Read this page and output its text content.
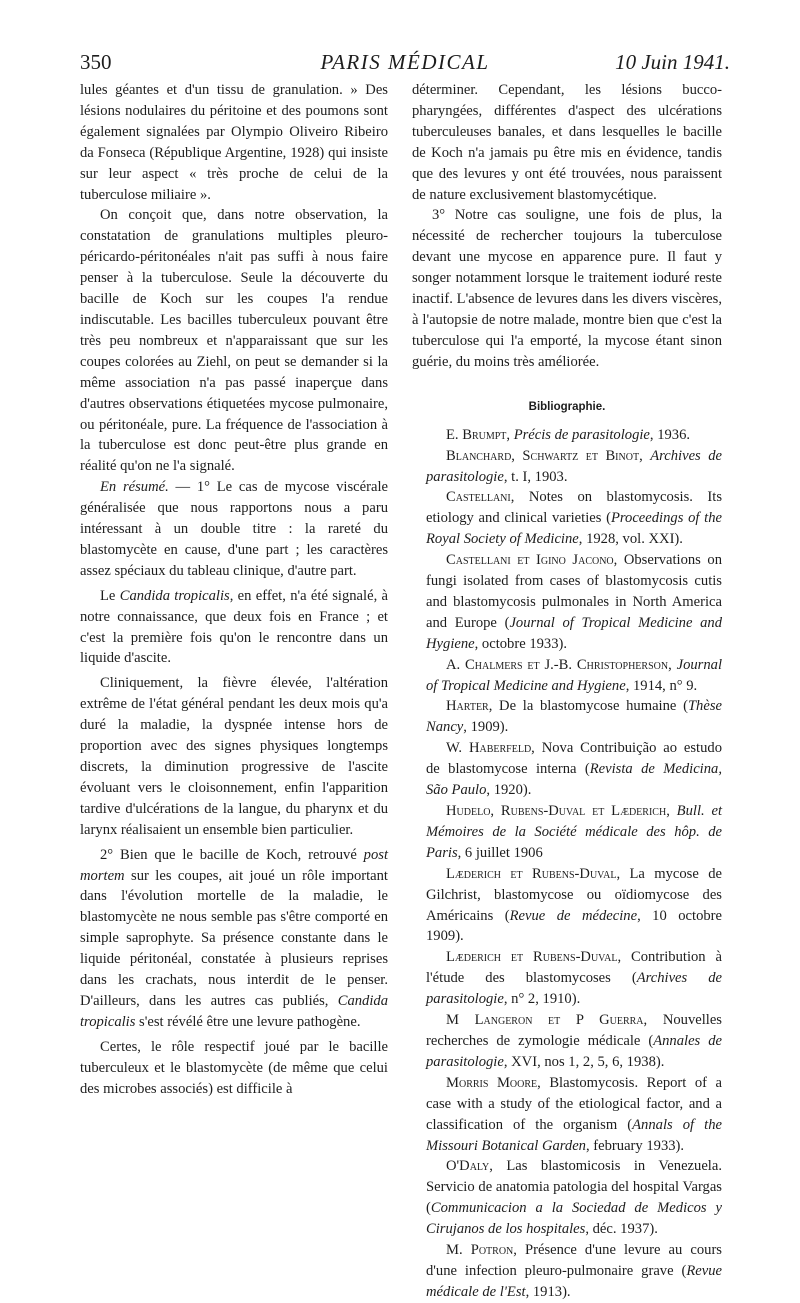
350	PARIS MÉDICAL	10 Juin 1941.

lules géantes et d'un tissu de granulation. » Des lésions nodulaires du péritoine et des poumons sont également signalées par Olympio Oliveiro Ribeiro da Fonseca (République Argentine, 1928) qui insiste sur leur aspect « très proche de celui de la tuberculose miliaire ».

On conçoit que, dans notre observation, la constatation de granulations multiples pleuro-péricardo-péritonéales n'ait pas suffi à nous faire penser à la tuberculose. Seule la découverte du bacille de Koch sur les coupes l'a rendue indiscutable. Les bacilles tuberculeux pouvant être très peu nombreux et n'apparaissant que sur les coupes colorées au Ziehl, on peut se demander si la même association n'a pas passé inaperçue dans d'autres observations étiquetées mycose pulmonaire, ou péritonéale, pure. La fréquence de l'association à la tuberculose est donc peut-être plus grande en réalité qu'on ne l'a signalé.

En résumé. — 1° Le cas de mycose viscérale généralisée que nous rapportons nous a paru intéressant à un double titre : la rareté du blastomycète en cause, d'une part ; les caractères assez spéciaux du tableau clinique, d'autre part.

Le Candida tropicalis, en effet, n'a été signalé, à notre connaissance, que deux fois en France ; et c'est la première fois qu'on le rencontre dans un liquide d'ascite.

Cliniquement, la fièvre élevée, l'altération extrême de l'état général pendant les deux mois qu'a duré la maladie, la dyspnée intense hors de proportion avec des signes physiques longtemps discrets, la diminution progressive de l'ascite évoluant vers le cloisonnement, enfin l'apparition tardive d'ulcérations de la langue, du pharynx et du larynx réalisaient un ensemble bien particulier.

2° Bien que le bacille de Koch, retrouvé post mortem sur les coupes, ait joué un rôle important dans l'évolution mortelle de la maladie, le blastomycète ne nous semble pas s'être comporté en simple saprophyte. Sa présence constante dans le liquide péritonéal, constatée à plusieurs reprises dans les crachats, nous interdit de le penser. D'ailleurs, dans les autres cas publiés, Candida tropicalis s'est révélé être une levure pathogène.

Certes, le rôle respectif joué par le bacille tuberculeux et le blastomycète (de même que celui des microbes associés) est difficile à

déterminer. Cependant, les lésions bucco-pharyngées, différentes d'aspect des ulcérations tuberculeuses banales, et dans lesquelles le bacille de Koch n'a jamais pu être mis en évidence, tandis que des levures y ont été trouvées, nous paraissent de nature exclusivement blastomycétique.

3° Notre cas souligne, une fois de plus, la nécessité de rechercher toujours la tuberculose devant une mycose en apparence pure. Il faut y songer notamment lorsque le traitement ioduré reste inactif. L'absence de levures dans les divers viscères, à l'autopsie de notre malade, montre bien que c'est la tuberculose qui l'a emporté, la mycose étant sinon guérie, du moins très améliorée.

Bibliographie.

E. Brumpt, Précis de parasitologie, 1936.

Blanchard, Schwartz et Binot, Archives de parasitologie, t. I, 1903.

Castellani, Notes on blastomycosis. Its etiology and clinical varieties (Proceedings of the Royal Society of Medicine, 1928, vol. XXI).

Castellani et Igino Jacono, Observations on fungi isolated from cases of blastomycosis cutis and blastomycosis pulmonales in North America and Europe (Journal of Tropical Medicine and Hygiene, octobre 1933).

A. Chalmers et J.-B. Christopherson, Journal of Tropical Medicine and Hygiene, 1914, n° 9.

Harter, De la blastomycose humaine (Thèse Nancy, 1909).

W. Haberfeld, Nova Contribuição ao estudo de blastomycose interna (Revista de Medicina, São Paulo, 1920).

Hudelo, Rubens-Duval et Læderich, Bull. et Mémoires de la Société médicale des hôp. de Paris, 6 juillet 1906

Læderich et Rubens-Duval, La mycose de Gilchrist, blastomycose ou oïdiomycose des Américains (Revue de médecine, 10 octobre 1909).

Læderich et Rubens-Duval, Contribution à l'étude des blastomycoses (Archives de parasitologie, n° 2, 1910).

M Langeron et P Guerra, Nouvelles recherches de zymologie médicale (Annales de parasitologie, XVI, nos 1, 2, 5, 6, 1938).

Morris Moore, Blastomycosis. Report of a case with a study of the etiological factor, and a classification of the organism (Annals of the Missouri Botanical Garden, february 1933).

O'Daly, Las blastomicosis in Venezuela. Servicio de anatomia patologia del hospital Vargas (Communicacion a la Sociedad de Medicos y Cirujanos de los hospitales, déc. 1937).

M. Potron, Présence d'une levure au cours d'une infection pleuro-pulmonaire grave (Revue médicale de l'Est, 1913).
